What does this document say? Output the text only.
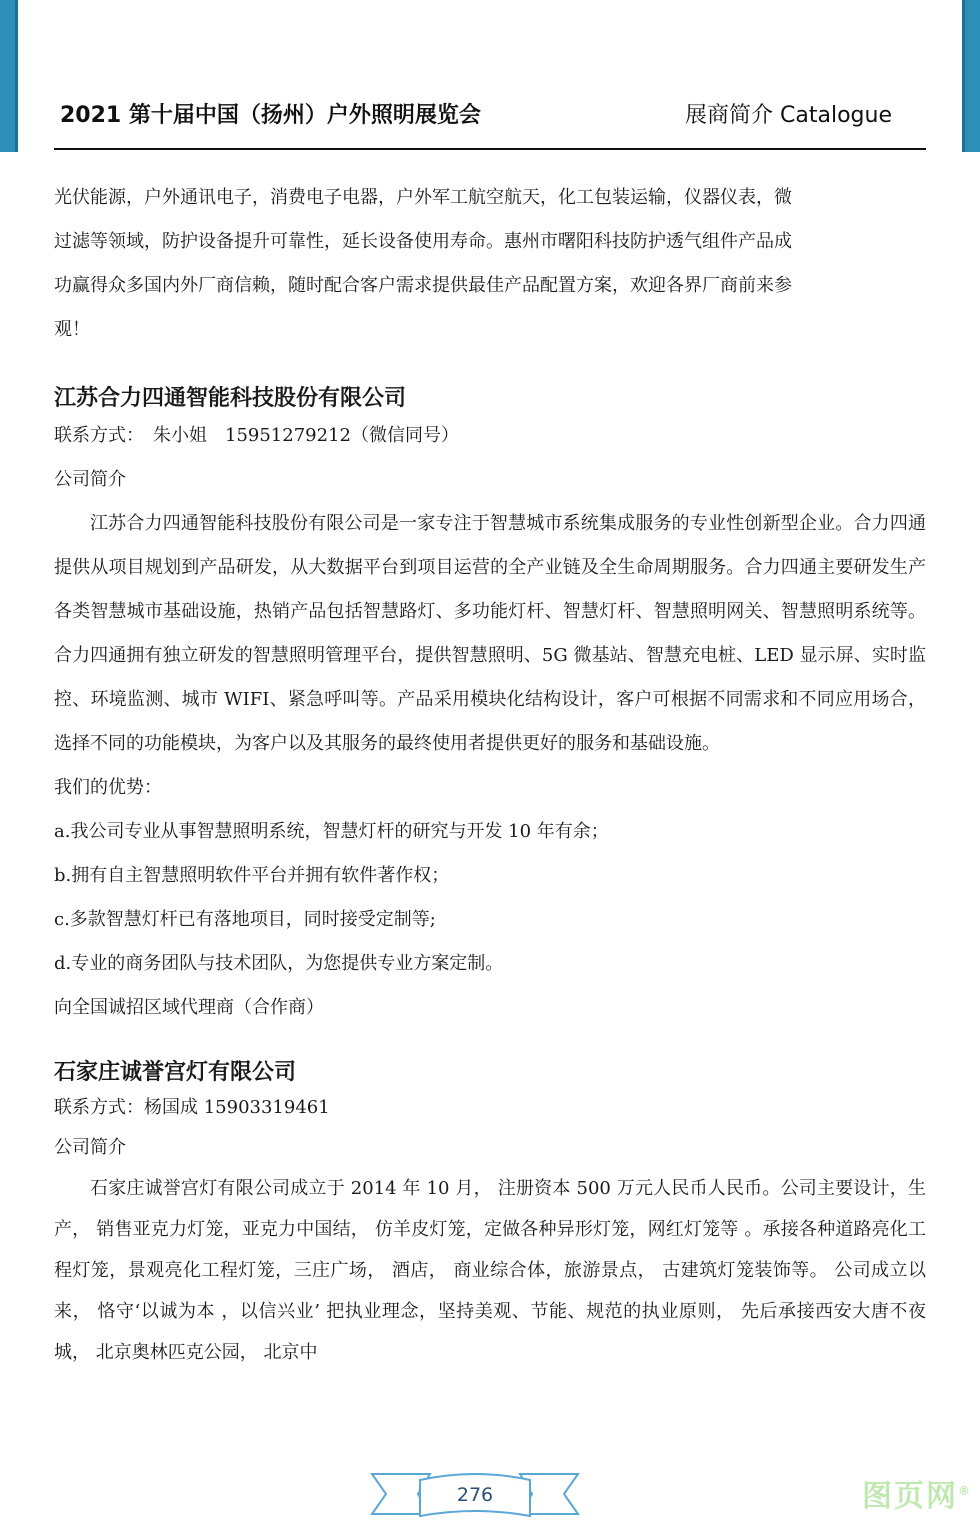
2021 第十届中国（扬州）户外照明展览会	展商简介 Catalogue

光伏能源，户外通讯电子，消费电子电器，户外军工航空航天，化工包装运输，仪器仪表，微

过滤等领域，防护设备提升可靠性，延长设备使用寿命。惠州市曙阳科技防护透气组件产品成

功赢得众多国内外厂商信赖，随时配合客户需求提供最佳产品配置方案，欢迎各界厂商前来参

观！

江苏合力四通智能科技股份有限公司

联系方式：　朱小姐　15951279212（微信同号）

公司简介

江苏合力四通智能科技股份有限公司是一家专注于智慧城市系统集成服务的专业性创新型企业。合力四通提供从项目规划到产品研发，从大数据平台到项目运营的全产业链及全生命周期服务。合力四通主要研发生产各类智慧城市基础设施，热销产品包括智慧路灯、多功能灯杆、智慧灯杆、智慧照明网关、智慧照明系统等。合力四通拥有独立研发的智慧照明管理平台，提供智慧照明、5G 微基站、智慧充电桩、LED 显示屏、实时监控、环境监测、城市 WIFI、紧急呼叫等。产品采用模块化结构设计，客户可根据不同需求和不同应用场合，选择不同的功能模块，为客户以及其服务的最终使用者提供更好的服务和基础设施。

我们的优势：

a.我公司专业从事智慧照明系统，智慧灯杆的研究与开发 10 年有余；

b.拥有自主智慧照明软件平台并拥有软件著作权；

c.多款智慧灯杆已有落地项目，同时接受定制等;

d.专业的商务团队与技术团队，为您提供专业方案定制。

向全国诚招区域代理商（合作商）

石家庄诚誉宫灯有限公司

联系方式：杨国成 15903319461

公司简介

石家庄诚誉宫灯有限公司成立于 2014 年 10 月， 注册资本 500 万元人民币人民币。公司主要设计，生产， 销售亚克力灯笼，亚克力中国结， 仿羊皮灯笼，定做各种异形灯笼，网红灯笼等 。承接各种道路亮化工程灯笼，景观亮化工程灯笼，三庄广场， 酒店， 商业综合体，旅游景点， 古建筑灯笼装饰等。 公司成立以来， 恪守‘以诚为本 ，以信兴业’ 把执业理念，坚持美观、节能、规范的执业原则， 先后承接西安大唐不夜城， 北京奥林匹克公园， 北京中

276	图页网®
